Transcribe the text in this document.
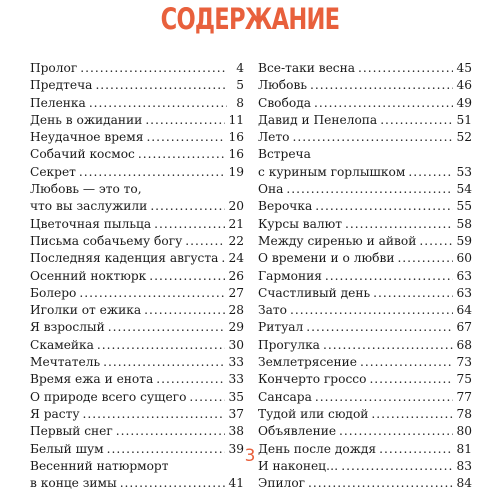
СОДЕРЖАНИЕ
Пролог .....	4
Предтеча .....	5
Пеленка .....	8
День в ожидании .....	11
Неудачное время .....	16
Собачий космос .....	16
Секрет .....	19
Любовь — это то,
что вы заслужили .....	20
Цветочная пыльца .....	21
Письма собачьему богу .....	22
Последняя каденция августа ..... 24
Осенний ноктюрк .....	26
Болеро .....	27
Иголки от ежика .....	28
Я взрослый .....	29
Скамейка .....	30
Мечтатель .....	33
Время ежа и енота .....	33
О природе всего сущего .....	35
Я расту .....	37
Первый снег .....	38
Белый шум .....	39
Весенний натюрморт
в конце зимы .....	41
Все-таки весна .....	45
Любовь .....	46
Свобода .....	49
Давид и Пенелопа .....	51
Лето .....	52
Встреча
с куриным горлышком .....	53
Она .....	54
Верочка .....	55
Курсы валют .....	58
Между сиренью и айвой .....	59
О времени и о любви .....	60
Гармония .....	63
Счастливый день .....	63
Зато .....	64
Ритуал .....	67
Прогулка .....	68
Землетрясение .....	73
Кончерто гроссо .....	75
Сансара .....	77
Тудой или сюдой .....	78
Объявление .....	80
День после дождя .....	81
И наконец… .....	83
Эпилог .....	84
3
